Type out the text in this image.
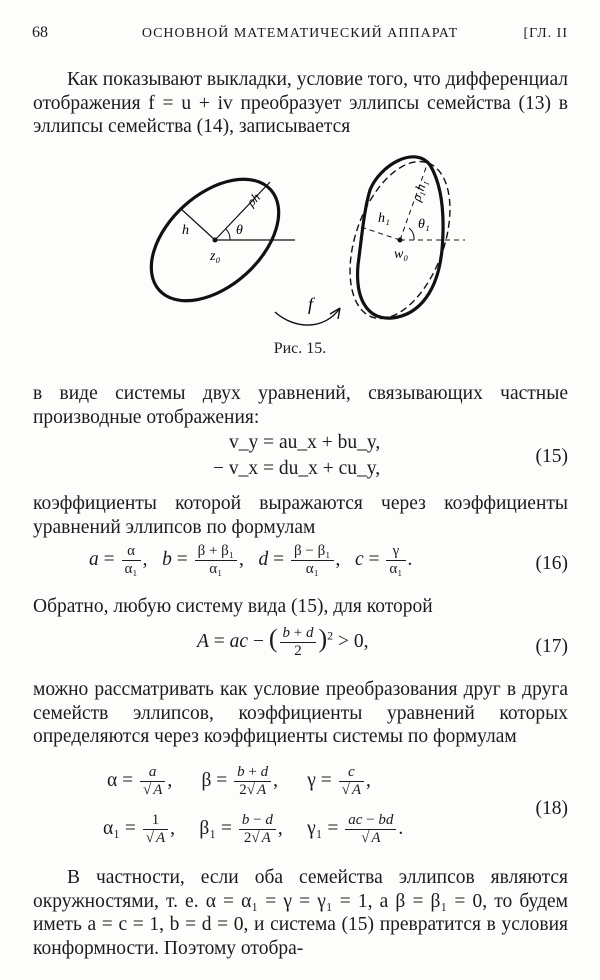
68	ОСНОВНОЙ МАТЕМАТИЧЕСКИЙ АППАРАТ	[ГЛ. II

Как показывают выкладки, условие того, что дифференциал отображения f = u + iv преобразует эллипсы семейства (13) в эллипсы семейства (14), записывается

h
ρh
θ
z₀
h₁
ρ₁h₁
θ₁
w₀
f
Рис. 15.

в виде системы двух уравнений, связывающих частные производные отображения:

v_y = au_x + bu_y,
− v_x = du_x + cu_y,
(15)

коэффициенты которой выражаются через коэффициенты уравнений эллипсов по формулам

$a = \frac{\alpha}{\text{α₁}}$ ,   $b = \frac{\text{β + β₁}}{\text{α₁}}$ ,   $d = \frac{\text{β − β₁}}{\text{α₁}}$ ,   $c = \frac{\gamma}{\text{α₁}}$ .	(16)

Обратно, любую систему вида (15), для которой

A = ac − ( $\frac{b + d}{2} )^2 > 0$,	(17)

можно рассматривать как условие преобразования друг в друга семейств эллипсов, коэффициенты уравнений которых определяются через коэффициенты системы по формулам

$\alpha = \frac{a}{√ A}$ ,      $\beta = \frac{b + d}{2√ A}$ ,      $\gamma = \frac{c}{√ A}$ ,
$\alpha_1 = \frac{1}{√ A}$ ,     $\beta_1 = \frac{b - d}{2√ A}$ ,     $\gamma_1 = \frac{ac - bd}{√ A}$ .
(18)

В частности, если оба семейства эллипсов являются окружностями, т. е. α = α₁ = γ = γ₁ = 1, а β = β₁ = 0, то будем иметь a = c = 1, b = d = 0, и система (15) превратится в условия конформности. Поэтому отобра-
